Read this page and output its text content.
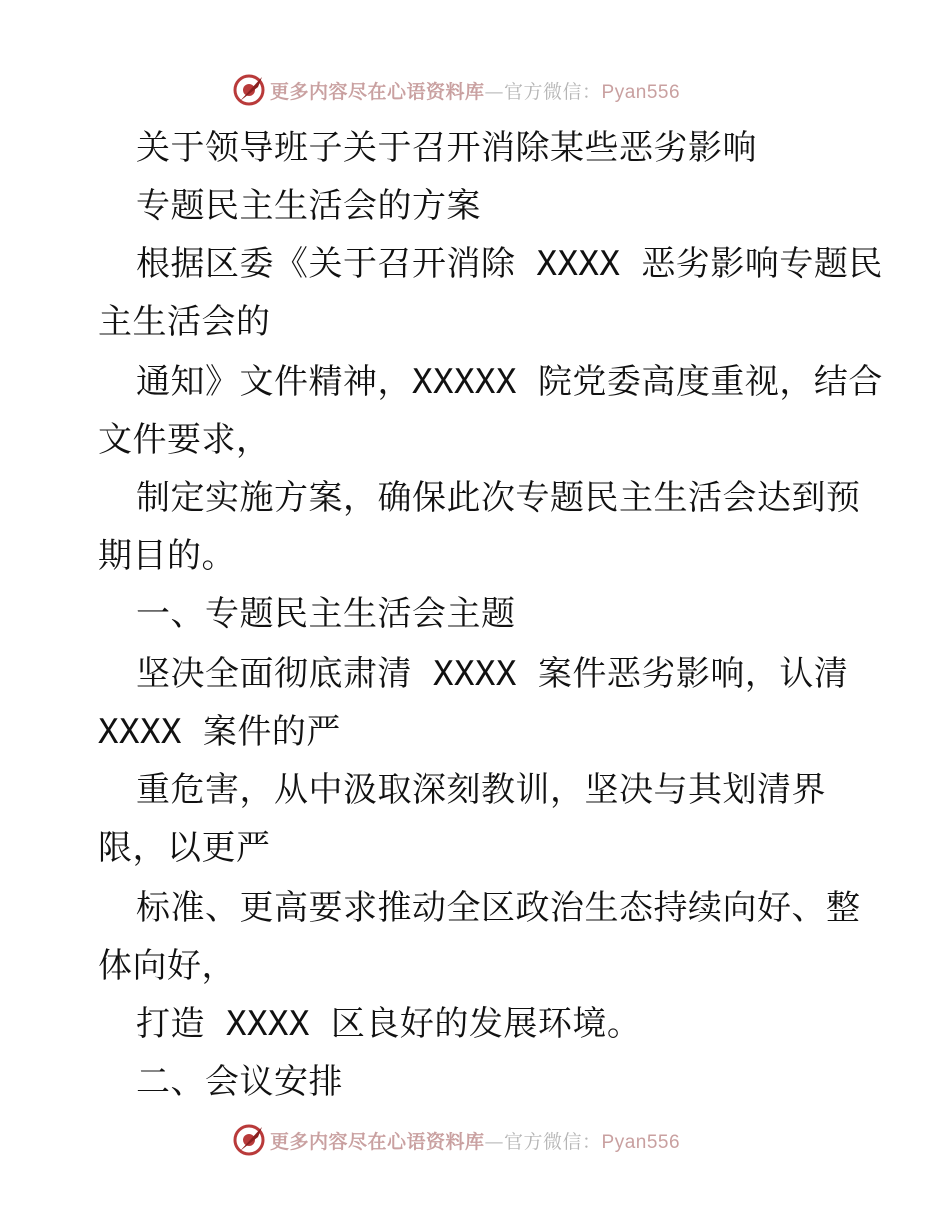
更多内容尽在心语资料库—官方微信：Pyan556
关于领导班子关于召开消除某些恶劣影响
专题民主生活会的方案
根据区委《关于召开消除 XXXX 恶劣影响专题民
主生活会的
通知》文件精神，XXXXX 院党委高度重视，结合
文件要求，
制定实施方案，确保此次专题民主生活会达到预
期目的。
一、专题民主生活会主题
坚决全面彻底肃清 XXXX 案件恶劣影响，认清
XXXX 案件的严
重危害，从中汲取深刻教训，坚决与其划清界
限，以更严
标准、更高要求推动全区政治生态持续向好、整
体向好，
打造 XXXX 区良好的发展环境。
二、会议安排
更多内容尽在心语资料库—官方微信：Pyan556
